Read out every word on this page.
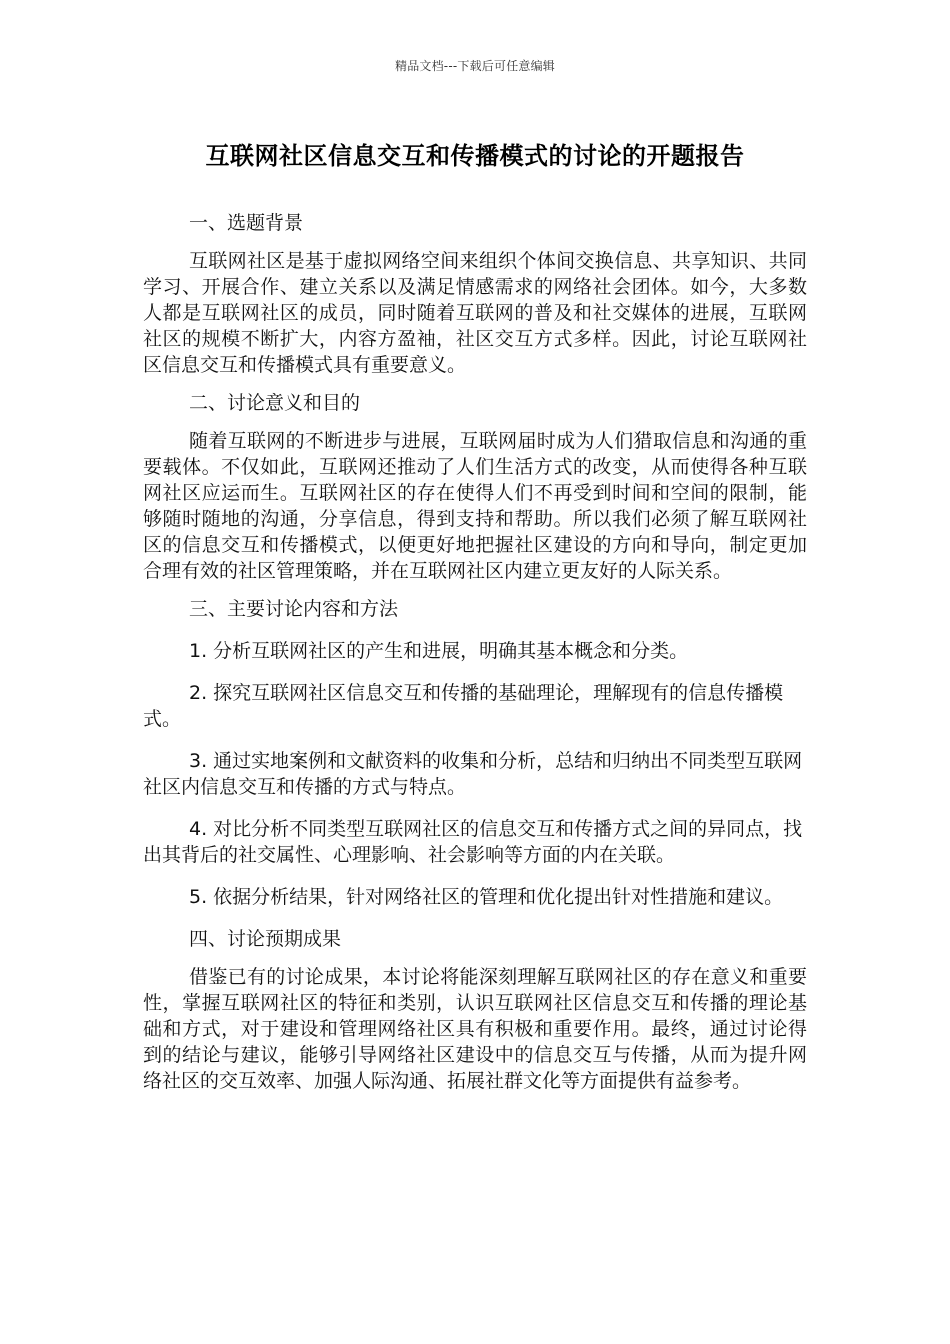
精品文档---下载后可任意编辑
互联网社区信息交互和传播模式的讨论的开题报告
一、选题背景
互联网社区是基于虚拟网络空间来组织个体间交换信息、共享知识、共同学习、开展合作、建立关系以及满足情感需求的网络社会团体。如今，大多数人都是互联网社区的成员，同时随着互联网的普及和社交媒体的进展，互联网社区的规模不断扩大，内容方盈袖，社区交互方式多样。因此，讨论互联网社区信息交互和传播模式具有重要意义。
二、讨论意义和目的
随着互联网的不断进步与进展，互联网届时成为人们猎取信息和沟通的重要载体。不仅如此，互联网还推动了人们生活方式的改变，从而使得各种互联网社区应运而生。互联网社区的存在使得人们不再受到时间和空间的限制，能够随时随地的沟通，分享信息，得到支持和帮助。所以我们必须了解互联网社区的信息交互和传播模式，以便更好地把握社区建设的方向和导向，制定更加合理有效的社区管理策略，并在互联网社区内建立更友好的人际关系。
三、主要讨论内容和方法
1. 分析互联网社区的产生和进展，明确其基本概念和分类。
2. 探究互联网社区信息交互和传播的基础理论，理解现有的信息传播模式。
3. 通过实地案例和文献资料的收集和分析，总结和归纳出不同类型互联网社区内信息交互和传播的方式与特点。
4. 对比分析不同类型互联网社区的信息交互和传播方式之间的异同点，找出其背后的社交属性、心理影响、社会影响等方面的内在关联。
5. 依据分析结果，针对网络社区的管理和优化提出针对性措施和建议。
四、讨论预期成果
借鉴已有的讨论成果，本讨论将能深刻理解互联网社区的存在意义和重要性，掌握互联网社区的特征和类别，认识互联网社区信息交互和传播的理论基础和方式，对于建设和管理网络社区具有积极和重要作用。最终，通过讨论得到的结论与建议，能够引导网络社区建设中的信息交互与传播，从而为提升网络社区的交互效率、加强人际沟通、拓展社群文化等方面提供有益参考。
